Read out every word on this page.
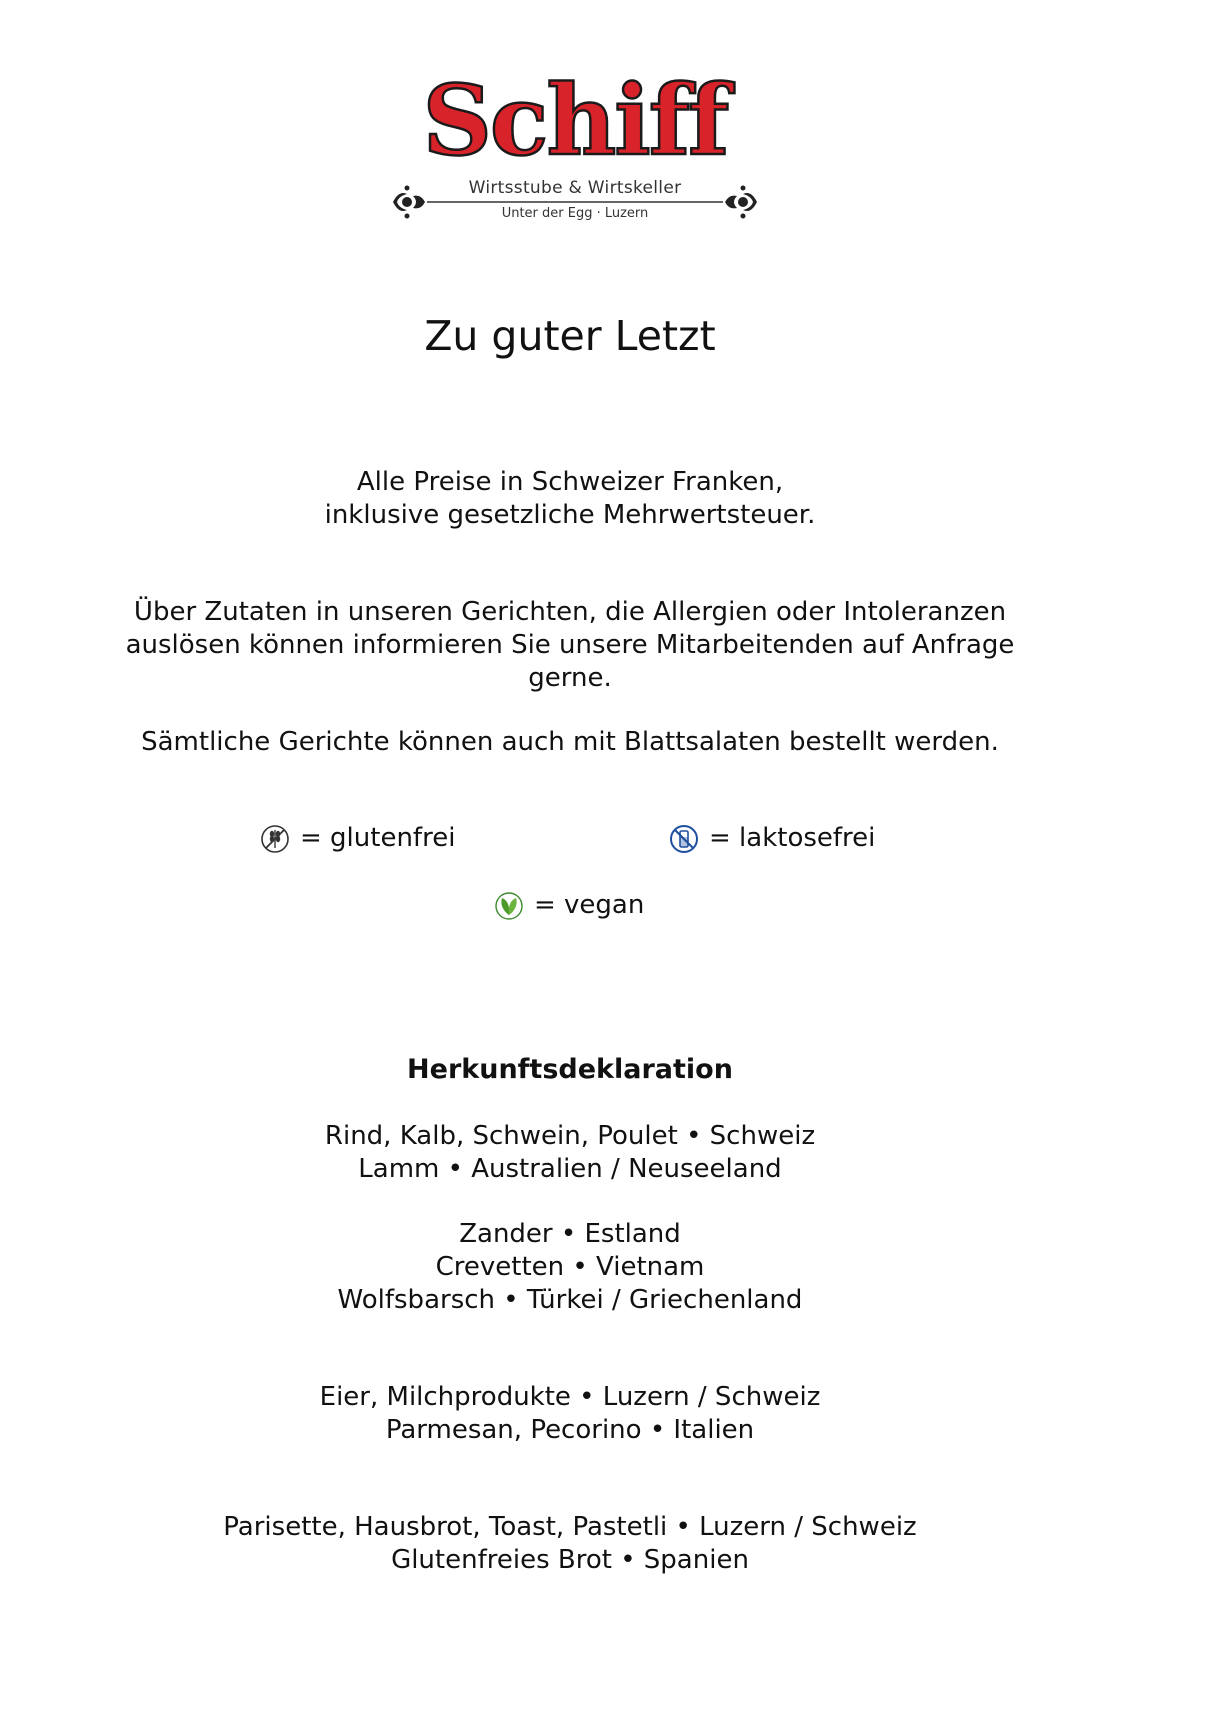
Schiff
Wirtsstube & Wirtskeller
Unter der Egg · Luzern
Zu guter Letzt

Alle Preise in Schweizer Franken,

inklusive gesetzliche Mehrwertsteuer.

Über Zutaten in unseren Gerichten, die Allergien oder Intoleranzen

auslösen können informieren Sie unsere Mitarbeitenden auf Anfrage

gerne.

Sämtliche Gerichte können auch mit Blattsalaten bestellt werden.

= glutenfrei	= laktosefrei
= vegan
Herkunftsdeklaration

Rind, Kalb, Schwein, Poulet • Schweiz

Lamm • Australien / Neuseeland

Zander • Estland

Crevetten • Vietnam

Wolfsbarsch • Türkei / Griechenland

Eier, Milchprodukte • Luzern / Schweiz

Parmesan, Pecorino • Italien

Parisette, Hausbrot, Toast, Pastetli • Luzern / Schweiz

Glutenfreies Brot • Spanien
